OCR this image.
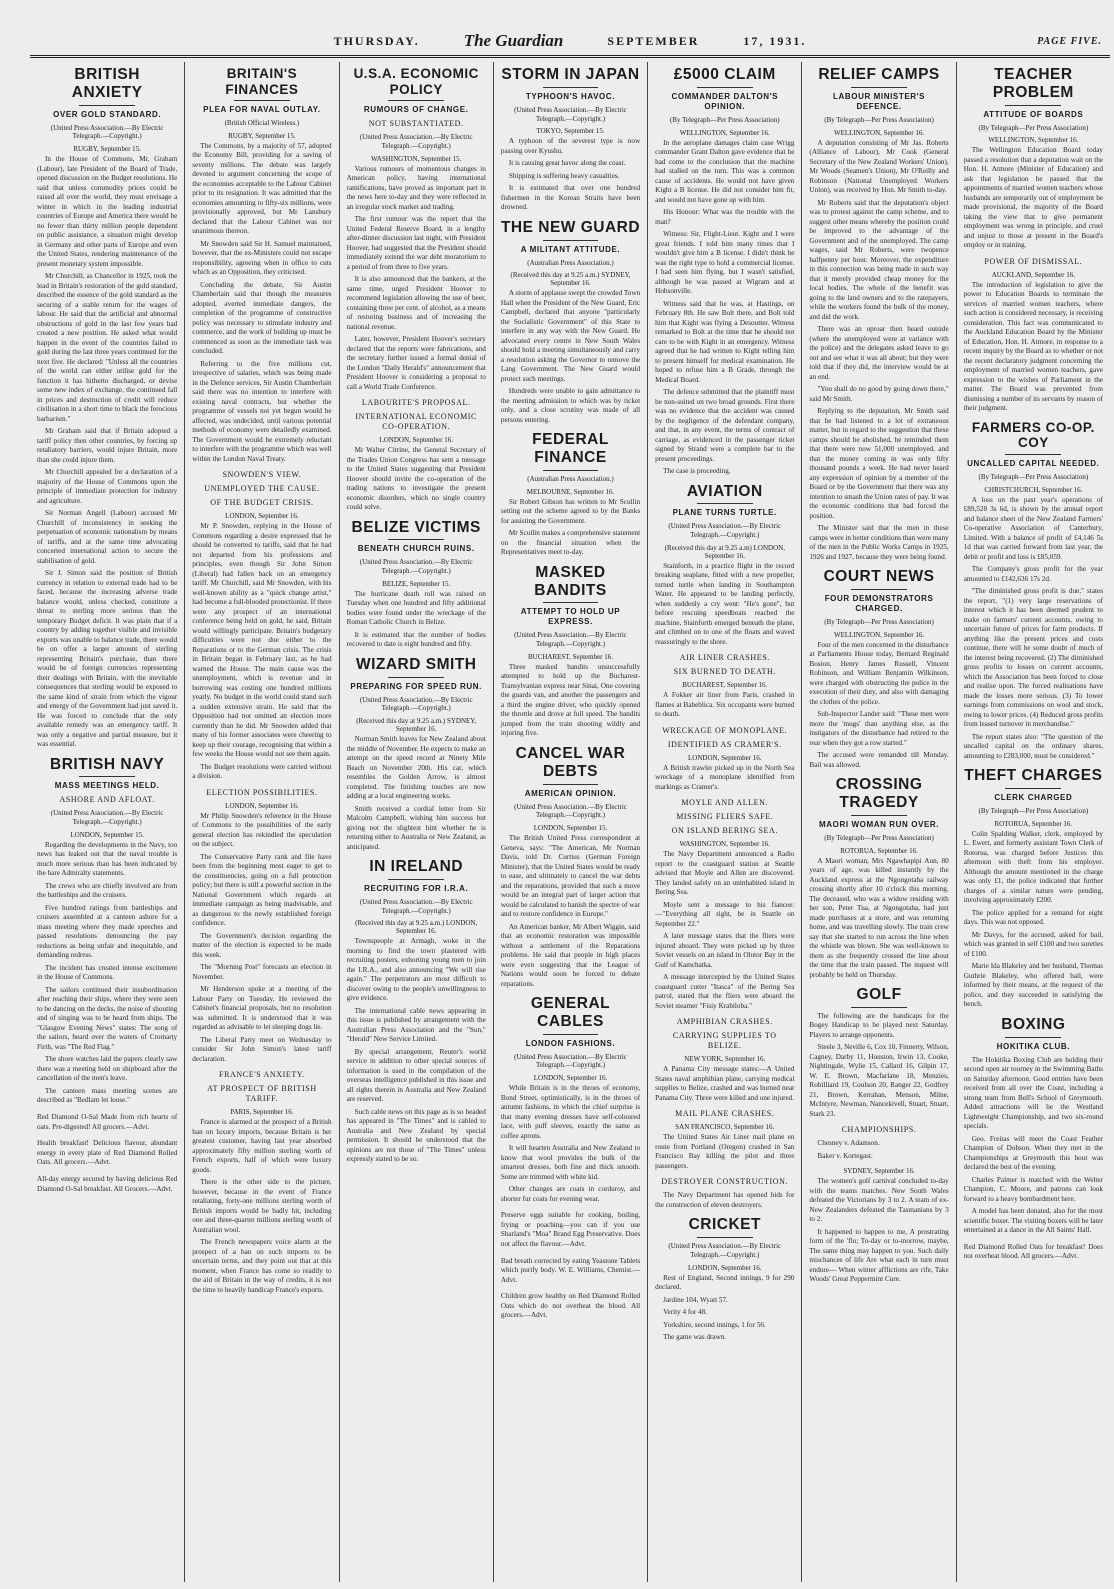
THURSDAY.	The Guardian	SEPTEMBER	17, 1931.	PAGE FIVE.
BRITISH ANXIETY
OVER GOLD STANDARD.
(United Press Association.—By Electric Telegraph.—Copyright.)
RUGBY, September 15.

In the House of Commons, Mr. Graham (Labour), late President of the Board of Trade, opened discussion on the Budget resolutions. He said that unless commodity prices could be raised all over the world, they must envisage a winter in which in the leading industrial countries of Europe and America there would be no fewer than thirty million people dependent on public assistance, a situation might develop in Germany and other parts of Europe and even the United States, rendering maintenance of the present monetary system impossible.

Mr Churchill, as Chancellor in 1925, took the lead in Britain's restoration of the gold standard, described the essence of the gold standard as the securing of a stable return for the wages of labour. He said that the artificial and abnormal obstructions of gold in the last few years had created a new position. He asked what would happen in the event of the countries failed to gold during the last three years continued for the next five. He declared: "Unless all the countries of the world can either utilise gold for the function it has hitherto discharged, or devise some new index of exchange, the continued fall in prices and destruction of credit will reduce civilisation in a short time to black the ferocious barbarism."

Mr Graham said that if Britain adopted a tariff policy then other countries, by forcing up retaliatory barriers, would injure Britain, more than she could injure them.

Mr Churchill appealed for a declaration of a majority of the House of Commons upon the principle of immediate protection for industry and agriculture.

Sir Norman Angell (Labour) accused Mr Churchill of inconsistency in seeking the perpetuation of economic nationalism by means of tariffs, and at the same time advocating concerted international action to secure the stabilisation of gold.

Sir J. Simon said the position of British currency in relation to external trade had to be faced, because the increasing adverse trade balance would, unless checked, constitute a threat to sterling more serious than the temporary Budget deficit. It was plain that if a country by adding together visible and invisible exports was unable to balance trade, there would be on offer a larger amount of sterling representing Britain's purchase, than there would be of foreign currencies representing their dealings with Britain, with the inevitable consequences that sterling would be exposed to the same kind of strain from which the vigour and energy of the Government had just saved it. He was forced to conclude that the only available remedy was an emergency tariff. It was only a negative and partial measure, but it was essential.

BRITISH NAVY
MASS MEETINGS HELD.
ASHORE AND AFLOAT.
(United Press Association.—By Electric Telegraph.—Copyright.)
LONDON, September 15.

Regarding the developments in the Navy, too news has leaked out that the naval trouble is much more serious than has been indicated by the bare Admiralty statements.

The crews who are chiefly involved are from the battleships and the cruisers.

Five hundred ratings from battleships and cruisers assembled at a canteen ashore for a mass meeting where they made speeches and passed resolutions denouncing the pay reductions as being unfair and inequitable, and demanding redress.

The incident has created intense excitement in the House of Commons.

The sailors continued their insubordination after reaching their ships, where they were seen to be dancing on the decks, the noise of shouting and of singing was to be heard from ships. The "Glasgow Evening News" states: The song of the sailors, heard over the waters of Cromarty Firth, was "The Red Flag."

The shore watches laid the papers clearly saw there was a meeting held on shipboard after the cancellation of the men's leave.

The canteen mass meeting scenes are described as "Bedlam let loose."

Red Diamond O-Sal Made from rich hearts of oats. Pre-digested! All grocers.—Advt.

Health breakfast! Delicious flavour, abundant energy in every plate of Red Diamond Rolled Oats. All grocers.—Advt.

All-day energy secured by having delicious Red Diamond O-Sal breakfast. All Grocers.—Advt.

BRITAIN'S FINANCES
PLEA FOR NAVAL OUTLAY.
(British Official Wireless.)
RUGBY, September 15.

The Commons, by a majority of 57, adopted the Economy Bill, providing for a saving of seventy millions. The debate was largely devoted to argument concerning the scope of the economies acceptable to the Labour Cabinet prior to its resignation. It was admitted that the economies amounting to fifty-six millions, were provisionally approved, but Mr Lansbury declared that the Labour Cabinet was not unanimous thereon.

Mr Snowden said Sir H. Samuel maintained, however, that the ex-Ministers could not escape responsibility, agreeing when in office to cuts which as an Opposition, they criticised.

Concluding the debate, Sir Austin Chamberlain said that though the measures adopted, averted immediate dangers, the completion of the programme of constructive policy was necessary to stimulate industry and commerce, and the work of building up must be commenced as soon as the immediate task was concluded.

Referring to the five millions cut, irrespective of salaries, which was being made in the Defence services, Sir Austin Chamberlain said there was no intention to interfere with existing naval contracts, but whether the programme of vessels not yet begun would be affected, was undecided, until various potential methods of economy were detailedly examined. The Government would be extremely reluctant to interfere with the programme which was well within the London Naval Treaty.

SNOWDEN'S VIEW.
UNEMPLOYED THE CAUSE.
OF THE BUDGET CRISIS.
LONDON, September 16.

Mr P. Snowden, replying in the House of Commons regarding a desire expressed that he should be converted to tariffs, said that he had not departed from his professions and principles, even though Sir John Simon (Liberal) had fallen back on an emergency tariff. Mr Churchill, said Mr Snowden, with his well-known ability as a "quick change artist," had become a full-blooded protectionist. If there were any prospect of an international conference being held on gold, he said, Britain would willingly participate. Britain's budgetary difficulties were not due either to the Reparations or to the German crisis. The crisis in Britain began in February last, as he had warned the House. The main cause was the unemployment, which is revenue and in borrowing was costing one hundred millions yearly. No budget in the world could stand such a sudden extensive strain. He said that the Opposition had not omitted an election more currently than he did. Mr Snowden added that many of his former associates were cheering to keep up their courage, recognising that within a few weeks the House would not see them again.

The Budget resolutions were carried without a division.

ELECTION POSSIBILITIES.
LONDON, September 16.

Mr Philip Snowden's reference in the House of Commons to the possibilities of the early general election has rekindled the speculation on the subject.

The Conservative Party rank and file have been from the beginning most eager to get to the constituencies, going on a full protection policy; but there is still a powerful section in the National Government which regards an immediate campaign as being inadvisable, and as dangerous to the newly established foreign confidence.

The Government's decision regarding the matter of the election is expected to be made this week.

The "Morning Post" forecasts an election in November.

Mr Henderson spoke at a meeting of the Labour Party on Tuesday. He reviewed the Cabinet's financial proposals, but no resolution was submitted. It is understood that it was regarded as advisable to let sleeping dogs lie.

The Liberal Party meet on Wednesday to consider Sir John Simon's latest tariff declaration.

FRANCE'S ANXIETY.
AT PROSPECT OF BRITISH TARIFF.
PARIS, September 16.

France is alarmed at the prospect of a British ban on luxury imports, because Britain is her greatest customer, having last year absorbed approximately fifty million sterling worth of French exports, half of which were luxury goods.

There is the other side to the picture, however, because in the event of France retaliating, forty-one millions sterling worth of British imports would be badly hit, including one and three-quarter millions sterling worth of Australian wool.

The French newspapers voice alarm at the prospect of a ban on such imports to be uncertain terms, and they point out that at this moment, when France has come so readily to the aid of Britain in the way of credits, it is not the time to heavily handicap France's exports.

U.S.A. ECONOMIC POLICY
RUMOURS OF CHANGE.
NOT SUBSTANTIATED.
(United Press Association.—By Electric Telegraph.—Copyright.)
WASHINGTON, September 15.

Various rumours of momentous changes in American policy, having international ramifications, have proved as important part in the news here to-day and they were reflected in an irregular stock market and trading.

The first rumour was the report that the United Federal Reserve Board, in a lengthy after-dinner discussion last night, with President Hoover, had suggested that the President should immediately extend the war debt moratorium to a period of from three to five years.

It is also announced that the bankers, at the same time, urged President Hoover to recommend legislation allowing the use of beer, containing three per cent. of alcohol, as a means of restoring business and of increasing the national revenue.

Later, however, President Hoover's secretary declared that the reports were fabrications, and the secretary further issued a formal denial of the London "Daily Herald's" announcement that President Hoover is considering a proposal to call a World Trade Conference.

LABOURITE'S PROPOSAL.
INTERNATIONAL ECONOMIC CO-OPERATION.
LONDON, September 16.

Mr Walter Citrine, the General Secretary of the Trades Union Congress has sent a message to the United States suggesting that President Hoover should invite the co-operation of the trading nations to investigate the present economic disorders, which no single country could solve.

BELIZE VICTIMS
BENEATH CHURCH RUINS.
(United Press Association.—By Electric Telegraph.—Copyright.)
BELIZE, September 15.

The hurricane death roll was raised on Tuesday when one hundred and fifty additional bodies were found under the wreckage of the Roman Catholic Church in Belize.

It is estimated that the number of bodies recovered to date is eight hundred and fifty.

WIZARD SMITH
PREPARING FOR SPEED RUN.
(United Press Association.—By Electric Telegraph.—Copyright.)
(Received this day at 9.25 a.m.) SYDNEY, September 16.

Norman Smith leaves for New Zealand about the middle of November. He expects to make an attempt on the speed record at Ninety Mile Beach on November 20th. His car, which resembles the Golden Arrow, is almost completed. The finishing touches are now adding at a local engineering works.

Smith received a cordial letter from Sir Malcolm Campbell, wishing him success but giving not the slightest hint whether he is returning either to Australia or New Zealand, as anticipated.

IN IRELAND
RECRUITING FOR I.R.A.
(United Press Association.—By Electric Telegraph.—Copyright.)
(Received this day at 9.25 a.m.) LONDON, September 16.

Townspeople at Armagh, woke in the morning to find the town plastered with recruiting posters, exhorting young men to join the I.R.A., and also announcing "We will rise again." The perpetrators are most difficult to discover owing to the people's unwillingness to give evidence.

The international cable news appearing in this issue is published by arrangement with the Australian Press Association and the "Sun," "Herald" New Service Limited.

By special arrangement, Reuter's world service in addition to other special sources of information is used in the compilation of the overseas intelligence published in this issue and all rights therein in Australia and New Zealand are reserved.

Such cable news on this page as is so headed has appeared in "The Times" and is cabled to Australia and New Zealand by special permission. It should be understood that the opinions are not those of "The Times" unless expressly stated to be so.

STORM IN JAPAN
TYPHOON'S HAVOC.
(United Press Association.—By Electric Telegraph.—Copyright.)
TOKYO, September 15.

A typhoon of the severest type is now passing over Kyushu.

It is causing great havoc along the coast.

Shipping is suffering heavy casualties.

It is estimated that over one hundred fishermen in the Korean Straits have been drowned.

THE NEW GUARD
A MILITANT ATTITUDE.
(Australian Press Association.)
(Received this day at 9.25 a.m.) SYDNEY, September 16.

A storm of applause swept the crowded Town Hall when the President of the New Guard, Eric Campbell, declared that anyone "particularly the Socialistic Government" of this State to interfere in any way with the New Guard. He advocated every centre in New South Wales should hold a meeting simultaneously and carry a resolution asking the Governor to remove the Lang Government. The New Guard would protect such meetings.

Hundreds were unable to gain admittance to the meeting admission to which was by ticket only, and a close scrutiny was made of all persons entering.

FEDERAL FINANCE
(Australian Press Association.)
MELBOURNE, September 16.

Sir Robert Gibson has written to Mr Scullin setting out the scheme agreed to by the Banks for assisting the Government.

Mr Scullin makes a comprehensive statement on the financial situation when the Representatives meet to-day.

MASKED BANDITS
ATTEMPT TO HOLD UP EXPRESS.
(United Press Association.—By Electric Telegraph.—Copyright.)
BUCHAREST, September 16.

Three masked bandits unsuccessfully attempted to hold up the Bucharest-Transylvanian express near Sinai, One covering the guards van, and another the passengers and a third the engine driver, who quickly opened the throttle and drove at full speed. The bandits jumped from the train shooting wildly and injuring five.

CANCEL WAR DEBTS
AMERICAN OPINION.
(United Press Association.—By Electric Telegraph.—Copyright.)
LONDON, September 15.

The British United Press correspondent at Geneva, says: "The American, Mr Norman Davis, told Dr. Curtius (German Foreign Minister), that the United States would be ready to ease, and ultimately to cancel the war debts and the reparations, provided that such a move would be an integral part of larger action that would be calculated to banish the spectre of war and to restore confidence in Europe."

An American banker, Mr Albert Wiggin, said that an economic restoration was impossible without a settlement of the Reparations problems. He said that people in high places were even suggesting that the League of Nations would soon be forced to debate reparations.

GENERAL CABLES
LONDON FASHIONS.
(United Press Association.—By Electric Telegraph.—Copyright.)
LONDON, September 16.

While Britain is in the throes of economy, Bond Street, optimistically, is in the throes of autumn fashions, in which the chief surprise is that many evening dresses have self-coloured lace, with puff sleeves, exactly the same as coffee aprons.

It will hearten Australia and New Zealand to know that wool provides the bulk of the smartest dresses, both fine and thick smooth. Some are trimmed with white kid.

Other changes are coats in corduroy, and shorter fur coats for evening wear.

Preserve eggs suitable for cooking, boiling, frying or poaching—you can if you use Sharland's "Moa" Brand Egg Preservative. Does not affect the flavour.—Advt.

Bad breath corrected by eating Yeastone Tablets which purify body. W. E. Williams, Chemist.—Advt.

Children grow healthy on Red Diamond Rolled Oats which do not overheat the blood. All grocers.—Advt.

£5000 CLAIM
COMMANDER DALTON'S OPINION.
(By Telegraph—Per Press Association)
WELLINGTON, September 16.

In the aeroplane damages claim case Wrigg commander Grant Dalton gave evidence that he had come to the conclusion that the machine had stalled on the turn. This was a common cause of accidents. He would not have given Kight a B license. He did not consider him fit, and would not have gone up with him.

His Honour: What was the trouble with the man?

Witness: Sir, Flight-Lieut. Kight and I were great friends. I told him many times that I wouldn't give him a B license. I didn't think he was the right type to hold a commercial license. I had seen him flying, but I wasn't satisfied, although he was passed at Wigram and at Hobsonville.

Witness said that he was, at Hastings, on February 8th. He saw Bolt there, and Bolt told him that Kight was flying a Desoutter. Witness remarked to Bolt at the time that he should not care to be with Kight in an emergency. Witness agreed that he had written to Kight telling him to present himself for medical examination. He hoped to refuse him a B Grade, through the Medical Board.

The defence submitted that the plaintiff must be non-suited on two broad grounds. First there was no evidence that the accident was caused by the negligence of the defendant company, and that, in any event, the terms of contract of carriage, as evidenced in the passenger ticket signed by Strand were a complete bar to the present proceedings.

The case is proceeding.

AVIATION
PLANE TURNS TURTLE.
(United Press Association.—By Electric Telegraph.—Copyright.)
(Received this day at 9.25 a.m) LONDON, September 16.

Stainforth, in a practice flight in the record breaking seaplane, fitted with a new propeller, turned turtle when landing in Southampton Water. He appeared to be landing perfectly, when suddenly a cry went: "He's gone", but before rescuing speedboats reached the machine, Stainforth emerged beneath the plane, and climbed on to one of the floats and waved reassuringly to the shore.

AIR LINER CRASHES.
SIX BURNED TO DEATH.
BUCHAREST, September 16.

A Fokker air liner from Paris, crashed in flames at Babeblica. Six occupants were burned to death.

WRECKAGE OF MONOPLANE.
IDENTIFIED AS CRAMER'S.
LONDON, September 16.

A British trawler picked up in the North Sea wreckage of a monoplane identified from markings as Cramer's.

MOYLE AND ALLEN.
MISSING FLIERS SAFE.
ON ISLAND BERING SEA.
WASHINGTON, September 16.

The Navy Department announced a Radio report to the coastguard station at Seattle advised that Moyle and Allen are discovered. They landed safely on an uninhabited island in Bering Sea.

Moyle sent a message to his fiancee:—"Everything all right, be in Seattle on September 22."

A later message states that the fliers were injured aboard. They were picked up by three Soviet vessels on an island in Olutor Bay in the Gulf of Kamchatka.

A message intercepted by the United States coastguard cutter "Itasca" of the Bering Sea patrol, stated that the fliers were aboard the Soviet steamer "Fisiy Krabiloba."

AMPHIBIAN CRASHES.
CARRYING SUPPLIES TO BELIZE.
NEW YORK, September 16.

A Panama City message states:—A United States naval amphibian plane, carrying medical supplies to Belize, crashed and was burned near Panama City. Three were killed and one injured.

MAIL PLANE CRASHES.
SAN FRANCISCO, September 16.

The United States Air Liner mail plane en route from Portland (Oregon) crashed in San Francisco Bay killing the pilot and three passengers.

DESTROYER CONSTRUCTION.

The Navy Department has opened bids for the construction of eleven destroyers.

CRICKET
(United Press Association.—By Electric Telegraph.—Copyright.)
LONDON, September 16.

Rest of England, Second innings, 9 for 290 declared.

Jardine 104, Wyatt 57.

Verity 4 for 48.

Yorkshire, second innings, 1 for 56.

The game was drawn.

RELIEF CAMPS
LABOUR MINISTER'S DEFENCE.
(By Telegraph—Per Press Association)
WELLINGTON, September 16.

A deputation consisting of Mr Jas. Roberts (Alliance of Labour), Mr Cook (General Secretary of the New Zealand Workers' Union), Mr Woods (Seamen's Union), Mr O'Reilly and Robinson (National Unemployed Workers Union), was received by Hon. Mr Smith to-day.

Mr Roberts said that the deputation's object was to protest against the camp scheme, and to suggest other means whereby the position could be improved to the advantage of the Government and of the unemployed. The camp wages, said Mr Roberts, were twopence halfpenny per hour. Moreover, the expenditure in this connection was being made in such way that it merely provided cheap money for the local bodies. The whole of the benefit was going to the land owners and to the ratepayers, while the workers found the bulk of the money, and did the work.

There was an uproar then heard outside (where the unemployed were at variance with the police) and the delegates asked leave to go out and see what it was all about; but they were told that if they did, the interview would be at an end.

"You shall do no good by going down there," said Mr Smith.

Replying to the deputation, Mr Smith said that he had listened to a lot of extraneous matter, but in regard to the suggestion that these camps should be abolished, he reminded them that there were now 51,000 unemployed, and that the money coming in was only fifty thousand pounds a week. He had never heard any expression of opinion by a member of the Board or by the Government that there was any intention to smash the Union rates of pay. It was the economic conditions that had forced the position.

The Minister said that the men in these camps were in better conditions than were many of the men in the Public Works Camps in 1925, 1926 and 1927, because they were being found.

COURT NEWS
FOUR DEMONSTRATORS CHARGED.
(By Telegraph—Per Press Association)
WELLINGTON, September 16.

Four of the men concerned in the disturbance at Parliaments House today, Bernard Reginald Boston, Henry James Russell, Vincent Robinson, and William Benjamin Wilkinson, were charged with obstructing the police in the execution of their duty, and also with damaging the clothes of the police.

Sub-Inspector Lander said: "These men were more the 'mugs' than anything else, as the instigators of the disturbance had retired to the rear when they got a row started."

The accused were remanded till Monday. Bail was allowed.

CROSSING TRAGEDY
MAORI WOMAN RUN OVER.
(By Telegraph—Per Press Association)
ROTORUA, September 16.

A Maori woman, Mrs Ngawhapipi Aun, 80 years of age, was killed instantly by the Auckland express at the Ngongotaha railway crossing shortly after 10 o'clock this morning. The deceased, who was a widow residing with her son, Peter Tua, at Ngongotaha, had just made purchases at a store, and was returning home, and was travelling slowly. The train crew say that she started to run across the line when the whistle was blown. She was well-known to them as she frequently crossed the line about the time that the train passed. The inquest will probably be held on Thursday.

GOLF

The following are the handicaps for the Bogey Handicap to be played next Saturday. Players to arrange opponents.

Steele 3, Neville 6, Cox 10, Finnerty, Wilson, Cagney, Darby 11, Houston, Irwin 13, Cooke, Nightingale, Wylie 15, Callard 16, Gilpin 17, W. E. Brown, Macfarlane 18, Menzies, Robilliard 19, Coulson 20, Ranger 22, Godfrey 21, Brown, Kerrahan, Menson, Milne, McIntyre, Newman, Nancekivell, Stuart, Stuart, Stark 23.

CHAMPIONSHIPS.

Chesney v. Adamson.

Baker v. Kortegast.

SYDNEY, September 16.

The women's golf carnival concluded to-day with the teams matches. New South Wales defeated the Victorians by 3 to 2. A team of ex-New Zealanders defeated the Tasmanians by 3 to 2.

It happened to happen to me, A prostrating form of the 'flu; To-day or to-morrow, maybe, The same thing may happen to you. Such daily mischances of life Are what each in turn must endure— When winter afflictions are rife, Take Woods' Great Peppermint Cure.

TEACHER PROBLEM
ATTITUDE OF BOARDS
(By Telegraph—Per Press Association)
WELLINGTON, September 16.

The Wellington Education Board today passed a resolution that a deputation wait on the Hon. H. Atmore (Minister of Education) and ask that legislation be passed that the appointments of married women teachers whose husbands are temporarily out of employment be made provisional, the majority of the Board taking the view that to give permanent employment was wrong in principle, and cruel and unjust to those at present in the Board's employ or in training.

POWER OF DISMISSAL.
AUCKLAND, September 16.

The introduction of legislation to give the power to Education Boards to terminate the services of married women teachers, where such action is considered necessary, is receiving consideration. This fact was communicated to the Auckland Education Board by the Minister of Education, Hon. H. Atmore, in response to a recent inquiry by the Board as to whether or not the recent declaratory judgment concerning the employment of married women teachers, gave expression to the wishes of Parliament in the matter. The Board was prevented from dismissing a number of its servants by reason of their judgment.

FARMERS CO-OP. COY
UNCALLED CAPITAL NEEDED.
(By Telegraph—Per Press Association)
CHRISTCHURCH, September 16.

A loss on the past year's operations of £89,528 3s 6d, is shown by the annual report and balance sheet of the New Zealand Farmers' Co-operative Association of Canterbury, Limited. With a balance of profit of £4,146 5s 1d that was carried forward from last year, the debit or profit and loss is £85,059.

The Company's gross profit for the year amounted to £142,636 17s 2d.

"The diminished gross profit is due," states the report, "(1) very large reservations of interest which it has been deemed prudent to make on farmers' current accounts, owing to uncertain future of prices for farm products. If anything like the present prices and costs continue, there will be some doubt of much of the interest being recovered. (2) The diminished gross profits to losses on current accounts, which the Association has been forced to close and realise upon. The forced realisations have made the losses more serious. (3) To lower earnings from commissions on wool and stock, owing to lower prices. (4) Reduced gross profits from leased turnover in merchandise."

The report states also: "The question of the uncalled capital on the ordinary shares, amounting to £283,000, must be considered."

THEFT CHARGES
CLERK CHARGED
(By Telegraph—Per Press Association)
ROTORUA, September 16.

Colin Spalding Walker, clerk, employed by L. Ewert, and formerly assistant Town Clerk of Rotorua, was charged before Justices this afternoon with theft from his employer. Although the amount mentioned in the charge was only £1, the police indicated that further charges of a similar nature were pending, involving approximately £200.

The police applied for a remand for eight days. This was not opposed.

Mr Davys, for the accused, asked for bail, which was granted in self £100 and two sureties of £100.

Marie Ida Blakeley and her husband, Thomas Guthrie Blakeley, who offered bail, were informed by their means, at the request of the police, and they succeeded in satisfying the bench.

BOXING
HOKITIKA CLUB.

The Hokitika Boxing Club are holding their second open air tourney in the Swimming Baths on Saturday afternoon. Good entries have been received from all over the Coast, including a strong team from Bell's School of Greymouth. Added attractions will be the Westland Lightweight Championship, and two six-round specials.

Geo. Freitas will meet the Coast Feather Champion of Dobson. When they met in the Championships at Greymouth this bout was declared the best of the evening.

Charles Palmer is matched with the Welter Champion, C. Moore, and patrons can look forward to a heavy bombardment here.

A model has been donated, also for the most scientific boxer. The visiting boxers will be later entertained at a dance in the All Saints' Hall.

Red Diamond Rolled Oats for breakfast! Does not overheat blood. All grocers.—Advt.
